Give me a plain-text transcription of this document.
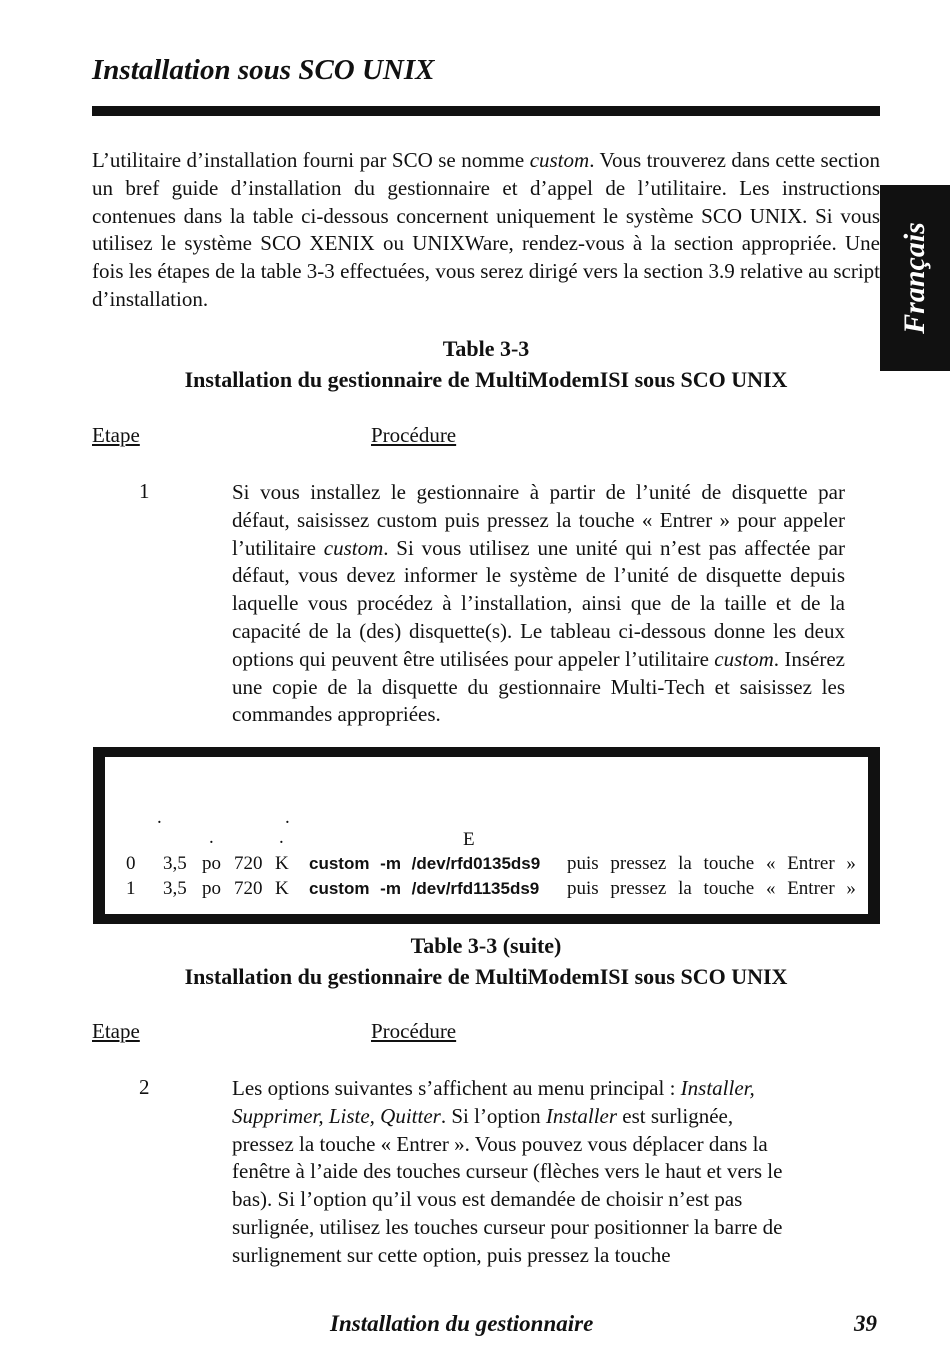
Installation sous SCO UNIX
Français
L’utilitaire d’installation fourni par SCO se nomme custom. Vous trouverez dans cette section un bref guide d’installation du gestionnaire et d’appel de l’utilitaire. Les instructions contenues dans la table ci-dessous concernent uniquement le système SCO UNIX. Si vous utilisez le système SCO XENIX ou UNIXWare, rendez-vous à la section appropriée. Une fois les étapes de la table 3-3 effectuées, vous serez dirigé vers la section 3.9 relative au script d’installation.
Table 3-3
Installation du gestionnaire de MultiModemISI sous SCO UNIX
Etape	Procédure
1	Si vous installez le gestionnaire à partir de l’unité de disquette par défaut, saisissez custom puis pressez la touche « Entrer » pour appeler l’utilitaire custom. Si vous utilisez une unité qui n’est pas affectée par défaut, vous devez informer le système de l’unité de disquette depuis laquelle vous procédez à l’installation, ainsi que de la taille et de la capacité de la (des) disquette(s). Le tableau ci-dessous donne les deux options qui peuvent être utilisées pour appeler l’utilitaire custom. Insérez une copie de la disquette du gestionnaire Multi-Tech et saisissez les commandes appropriées.
.	.
.	.	E
0 3,5 po 720 K custom -m /dev/rfd0135ds9 puis pressez la touche « Entrer »
1 3,5 po 720 K custom -m /dev/rfd1135ds9 puis pressez la touche « Entrer »
Table 3-3 (suite)
Installation du gestionnaire de MultiModemISI sous SCO UNIX
Etape	Procédure
2	Les options suivantes s’affichent au menu principal : Installer,
Supprimer, Liste, Quitter. Si l’option Installer est surlignée,
pressez la touche « Entrer ». Vous pouvez vous déplacer dans la
fenêtre à l’aide des touches curseur (flèches vers le haut et vers le
bas). Si l’option qu’il vous est demandée de choisir n’est pas
surlignée, utilisez les touches curseur pour positionner la barre de
surlignement sur cette option, puis pressez la touche
Installation du gestionnaire	39
